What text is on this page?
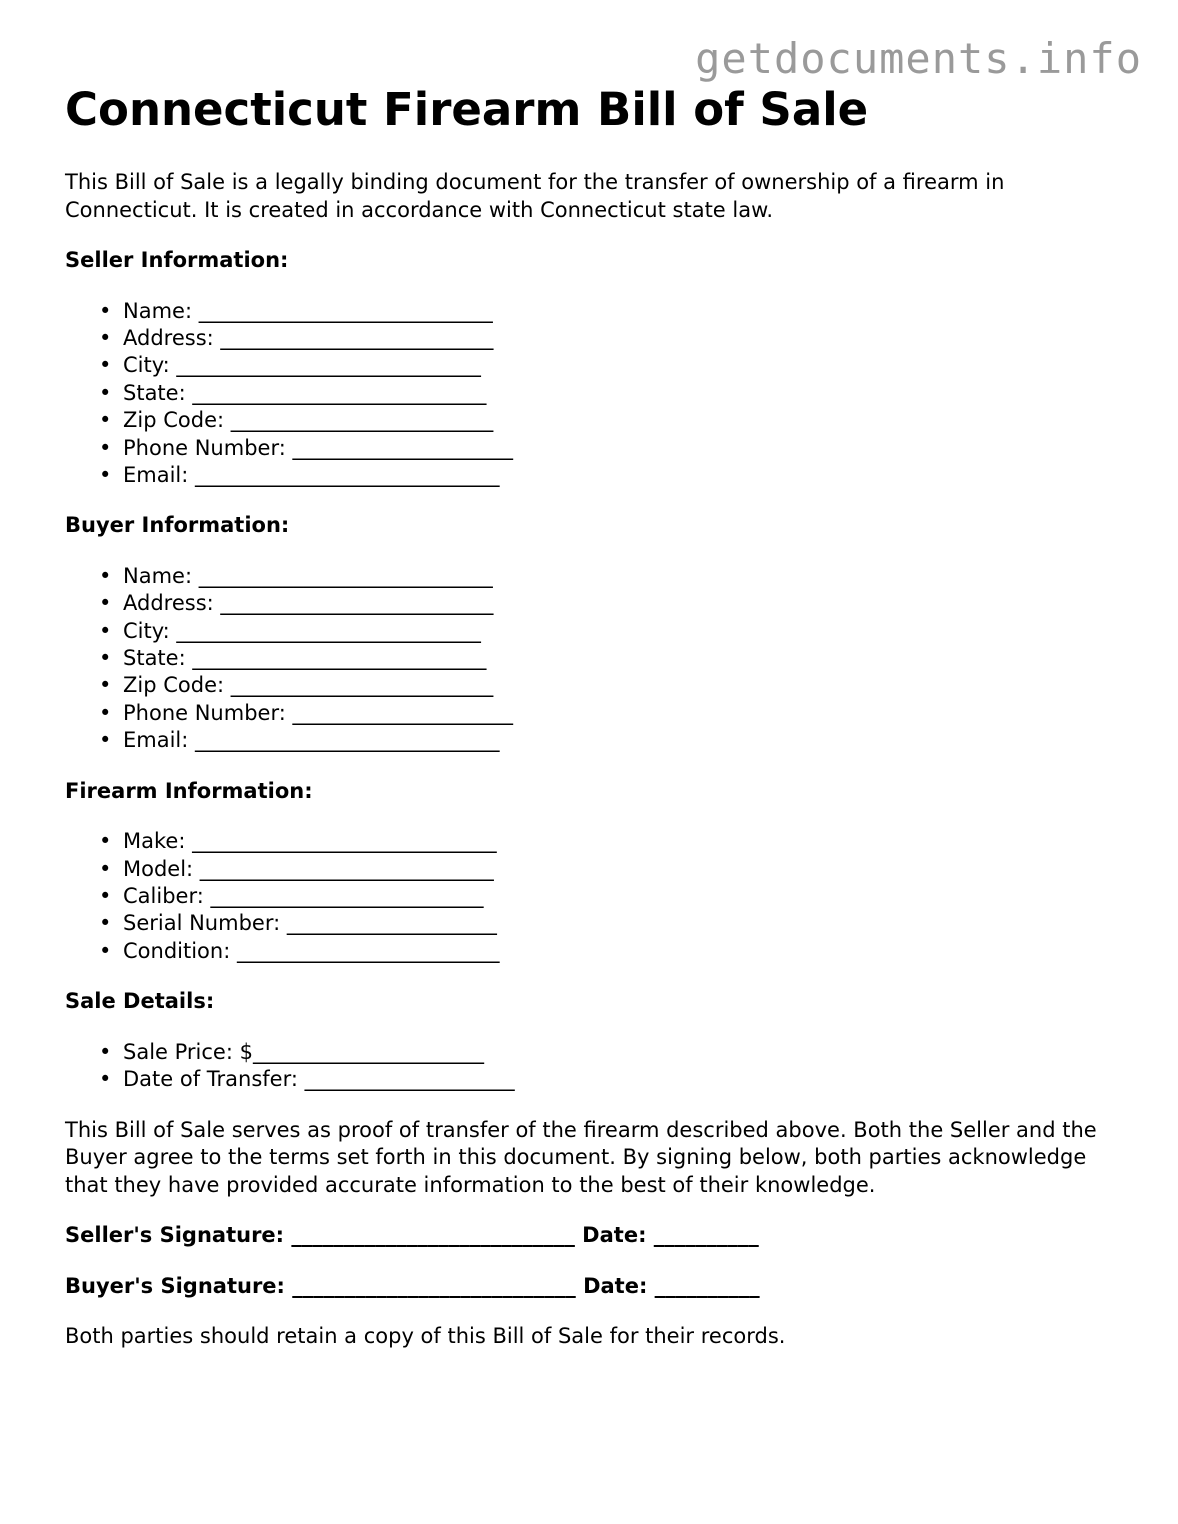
getdocuments.info
Connecticut Firearm Bill of Sale

This Bill of Sale is a legally binding document for the transfer of ownership of a firearm in Connecticut. It is created in accordance with Connecticut state law.

Seller Information:
• Name: ____________________________
• Address: __________________________
• City: _____________________________
• State: ____________________________
• Zip Code: _________________________
• Phone Number: _____________________
• Email: _____________________________
Buyer Information:
• Name: ____________________________
• Address: __________________________
• City: _____________________________
• State: ____________________________
• Zip Code: _________________________
• Phone Number: _____________________
• Email: _____________________________
Firearm Information:
• Make: _____________________________
• Model: ____________________________
• Caliber: __________________________
• Serial Number: ____________________
• Condition: _________________________
Sale Details:
• Sale Price: $______________________
• Date of Transfer: ____________________

This Bill of Sale serves as proof of transfer of the firearm described above. Both the Seller and the Buyer agree to the terms set forth in this document. By signing below, both parties acknowledge that they have provided accurate information to the best of their knowledge.

Seller's Signature: ___________________________ Date: __________
Buyer's Signature: ___________________________ Date: __________

Both parties should retain a copy of this Bill of Sale for their records.
